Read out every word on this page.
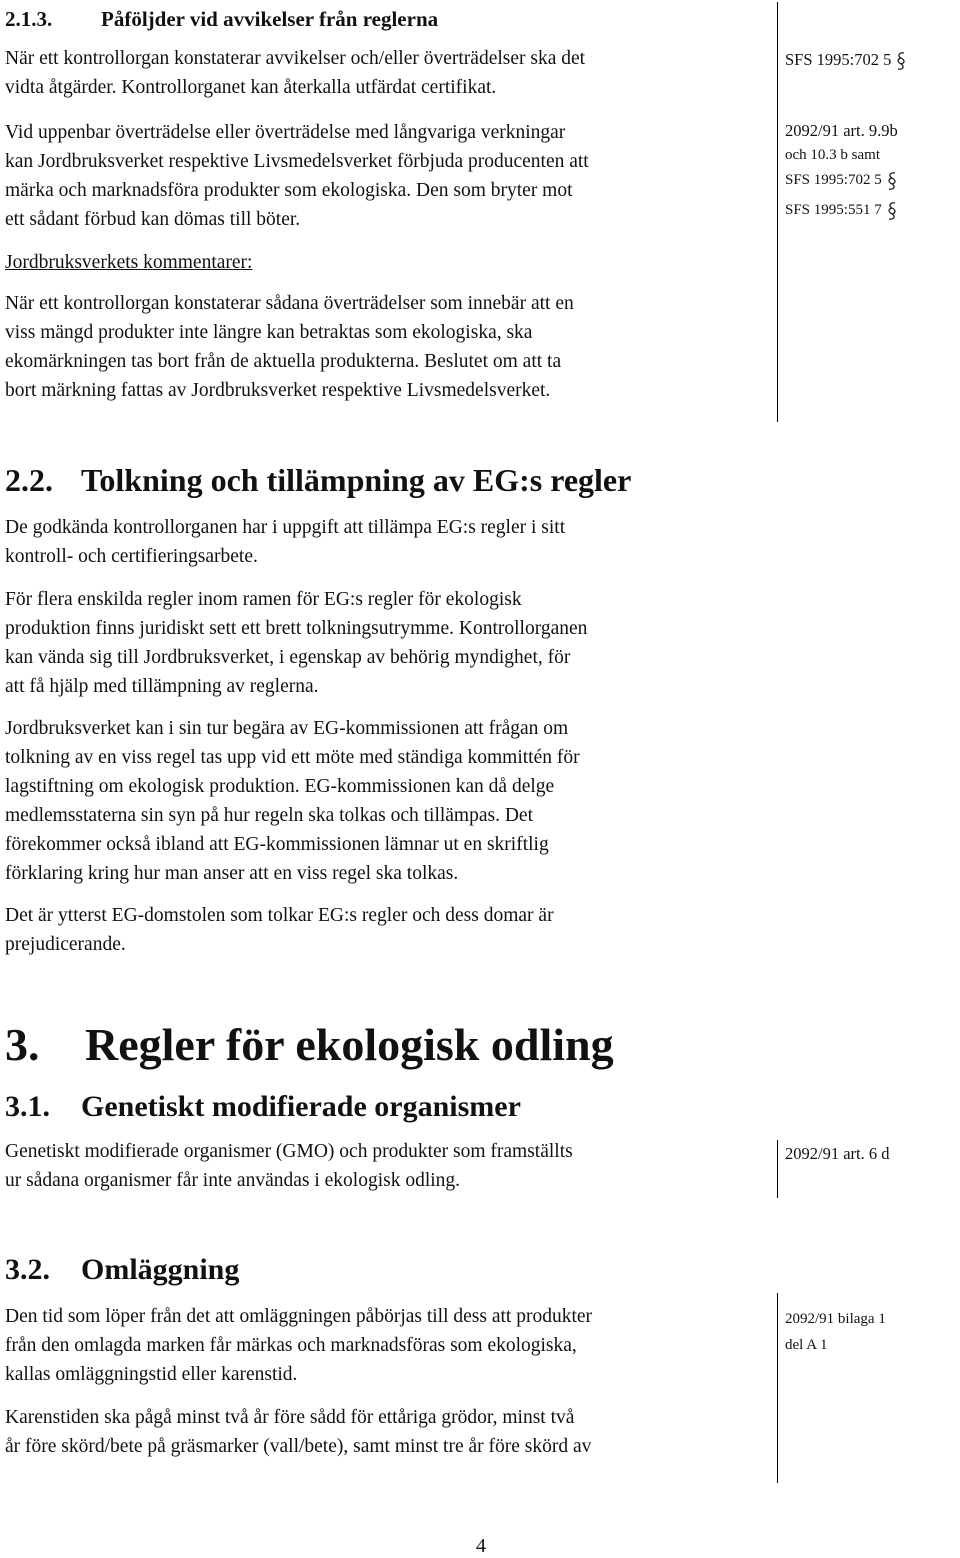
2.1.3. Påföljder vid avvikelser från reglerna
När ett kontrollorgan konstaterar avvikelser och/eller överträdelser ska det
vidta åtgärder. Kontrollorganet kan återkalla utfärdat certifikat.
Vid uppenbar överträdelse eller överträdelse med långvariga verkningar
kan Jordbruksverket respektive Livsmedelsverket förbjuda producenten att
märka och marknadsföra produkter som ekologiska. Den som bryter mot
ett sådant förbud kan dömas till böter.
Jordbruksverkets kommentarer:
När ett kontrollorgan konstaterar sådana överträdelser som innebär att en
viss mängd produkter inte längre kan betraktas som ekologiska, ska
ekomärkningen tas bort från de aktuella produkterna. Beslutet om att ta
bort märkning fattas av Jordbruksverket respektive Livsmedelsverket.
SFS 1995:702 5
2092/91 art. 9.9b
och 10.3 b samt
SFS 1995:702 5
SFS 1995:551 7
2.2. Tolkning och tillämpning av EG:s regler
De godkända kontrollorganen har i uppgift att tillämpa EG:s regler i sitt
kontroll- och certifieringsarbete.
För flera enskilda regler inom ramen för EG:s regler för ekologisk
produktion finns juridiskt sett ett brett tolkningsutrymme. Kontrollorganen
kan vända sig till Jordbruksverket, i egenskap av behörig myndighet, för
att få hjälp med tillämpning av reglerna.
Jordbruksverket kan i sin tur begära av EG-kommissionen att frågan om
tolkning av en viss regel tas upp vid ett möte med ständiga kommittén för
lagstiftning om ekologisk produktion. EG-kommissionen kan då delge
medlemsstaterna sin syn på hur regeln ska tolkas och tillämpas. Det
förekommer också ibland att EG-kommissionen lämnar ut en skriftlig
förklaring kring hur man anser att en viss regel ska tolkas.
Det är ytterst EG-domstolen som tolkar EG:s regler och dess domar är
prejudicerande.
3. Regler för ekologisk odling
3.1. Genetiskt modifierade organismer
Genetiskt modifierade organismer (GMO) och produkter som framställts
ur sådana organismer får inte användas i ekologisk odling.
2092/91 art. 6 d
3.2. Omläggning
Den tid som löper från det att omläggningen påbörjas till dess att produkter
från den omlagda marken får märkas och marknadsföras som ekologiska,
kallas omläggningstid eller karenstid.
Karenstiden ska pågå minst två år före sådd för ettåriga grödor, minst två
år före skörd/bete på gräsmarker (vall/bete), samt minst tre år före skörd av
2092/91 bilaga 1
del A 1
4
